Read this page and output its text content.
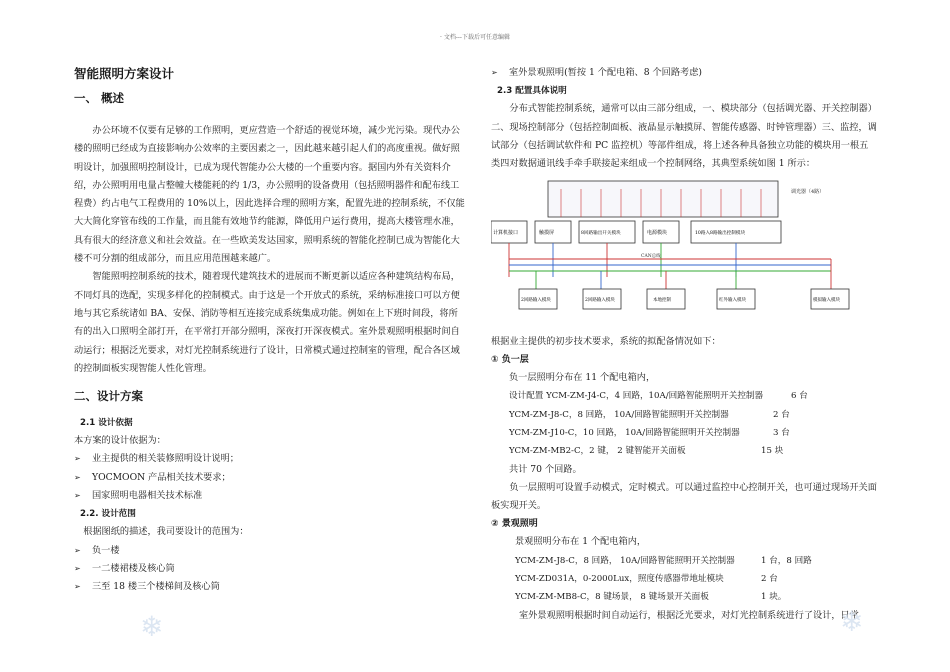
· 文档---下载后可任意编辑
智能照明方案设计
一、 概述

办公环境不仅要有足够的工作照明，更应营造一个舒适的视觉环境，减少光污染。现代办公楼的照明已经成为直接影响办公效率的主要因素之一，因此越来越引起人们的高度重视。做好照明设计，加强照明控制设计，已成为现代智能办公大楼的一个重要内容。据国内外有关资料介绍，办公照明用电量占整幢大楼能耗的约 1/3，办公照明的设备费用（包括照明器件和配布线工程费）约占电气工程费用的 10%以上，因此选择合理的照明方案，配置先进的控制系统，不仅能大大简化穿管布线的工作量，而且能有效地节约能源，降低用户运行费用，提高大楼管理水准，具有很大的经济意义和社会效益。在一些欧美发达国家，照明系统的智能化控制已成为智能化大楼不可分割的组成部分，而且应用范围越来越广。

智能照明控制系统的技术，随着现代建筑技术的进展而不断更新以适应各种建筑结构布局，不同灯具的选配，实现多样化的控制模式。由于这是一个开放式的系统，采纳标准接口可以方便地与其它系统诸如 BA、安保、消防等相互连接完成系统集成功能。例如在上下班时间段，将所有的出入口照明全部打开，在平常打开部分照明，深夜打开深夜模式。室外景观照明根据时间自动运行；根据泛光要求，对灯光控制系统进行了设计，日常模式通过控制室的管理，配合各区域的控制面板实现智能人性化管理。

二、设计方案
2.1 设计依据
本方案的设计依据为：
➢	业主提供的相关装修照明设计说明；
➢	YOCMOON 产品相关技术要求；
➢	国家照明电器相关技术标准
2.2. 设计范围
根据图纸的描述，我司要设计的范围为：
➢	负一楼
➢	一二楼裙楼及核心筒
➢	三至 18 楼三个楼梯间及核心筒
➢	室外景观照明(暂按 1 个配电箱、8 个回路考虑)
2.3 配置具体说明

分布式智能控制系统，通常可以由三部分组成，一、模块部分（包括调光器、开关控制器）二、现场控制部分（包括控制面板、液晶显示触摸屏、智能传感器、时钟管理器）三、监控，调试部分（包括调试软件和 PC 监控机）等部件组成，将上述各种具备独立功能的模块用一根五类四对数据通讯线手牵手联接起来组成一个控制网络，其典型系统如图 1 所示：

调光器（4路）
计算机接口	触摸屏	8回路输出开关模块	电源模块	10路入8路输出控制模块
CAN总线
2回路输入模块	2回路输入模块	本地控制	红外输入模块	模拟输入模块
根据业主提供的初步技术要求，系统的拟配备情况如下：
① 负一层
负一层照明分布在 11 个配电箱内，
设计配置 YCM-ZM-J4-C，4 回路，10A/回路智能照明开关控制器	6 台
YCM-ZM-J8-C，8 回路， 10A/回路智能照明开关控制器	2 台
YCM-ZM-J10-C，10 回路， 10A/回路智能照明开关控制器	3 台
YCM-ZM-MB2-C，2 键， 2 键智能开关面板	15 块
共计 70 个回路。

负一层照明可设置手动模式，定时模式。可以通过监控中心控制开关，也可通过现场开关面板实现开关。

② 景观照明
景观照明分布在 1 个配电箱内，
YCM-ZM-J8-C，8 回路， 10A/回路智能照明开关控制器	1 台，8 回路
YCM-ZD031A，0-2000Lux，照度传感器带地址模块	2 台
YCM-ZM-MB8-C，8 键场景， 8 键场景开关面板	1 块。
室外景观照明根据时间自动运行，根据泛光要求，对灯光控制系统进行了设计，日常
❄	❄
